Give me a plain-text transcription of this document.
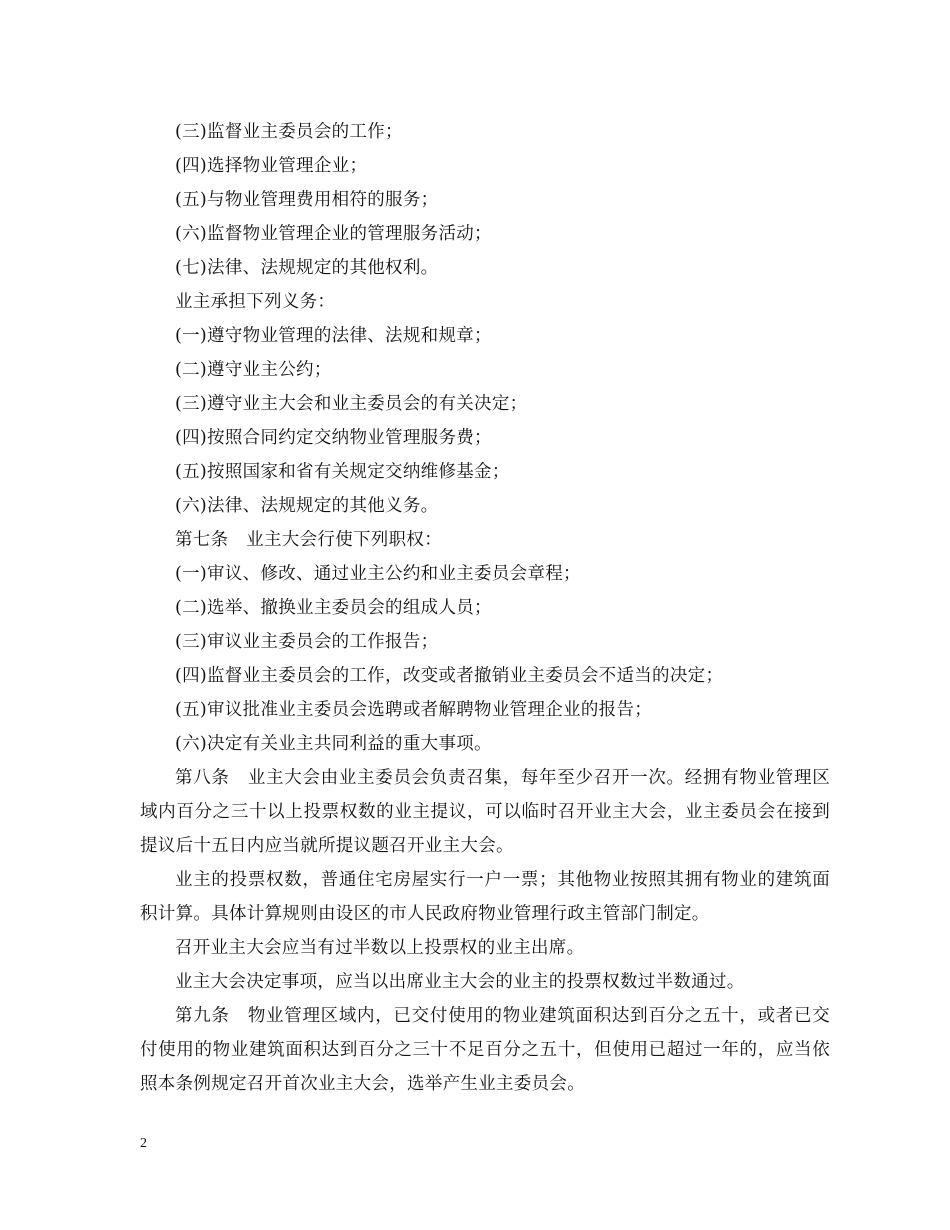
(三)监督业主委员会的工作；

(四)选择物业管理企业；

(五)与物业管理费用相符的服务；

(六)监督物业管理企业的管理服务活动；

(七)法律、法规规定的其他权利。

业主承担下列义务：

(一)遵守物业管理的法律、法规和规章；

(二)遵守业主公约；

(三)遵守业主大会和业主委员会的有关决定；

(四)按照合同约定交纳物业管理服务费；

(五)按照国家和省有关规定交纳维修基金；

(六)法律、法规规定的其他义务。

第七条　业主大会行使下列职权：

(一)审议、修改、通过业主公约和业主委员会章程；

(二)选举、撤换业主委员会的组成人员；

(三)审议业主委员会的工作报告；

(四)监督业主委员会的工作，改变或者撤销业主委员会不适当的决定；

(五)审议批准业主委员会选聘或者解聘物业管理企业的报告；

(六)决定有关业主共同利益的重大事项。

第八条　业主大会由业主委员会负责召集，每年至少召开一次。经拥有物业管理区域内百分之三十以上投票权数的业主提议，可以临时召开业主大会，业主委员会在接到提议后十五日内应当就所提议题召开业主大会。

业主的投票权数，普通住宅房屋实行一户一票；其他物业按照其拥有物业的建筑面积计算。具体计算规则由设区的市人民政府物业管理行政主管部门制定。

召开业主大会应当有过半数以上投票权的业主出席。

业主大会决定事项，应当以出席业主大会的业主的投票权数过半数通过。

第九条　物业管理区域内，已交付使用的物业建筑面积达到百分之五十，或者已交付使用的物业建筑面积达到百分之三十不足百分之五十，但使用已超过一年的，应当依照本条例规定召开首次业主大会，选举产生业主委员会。

2
